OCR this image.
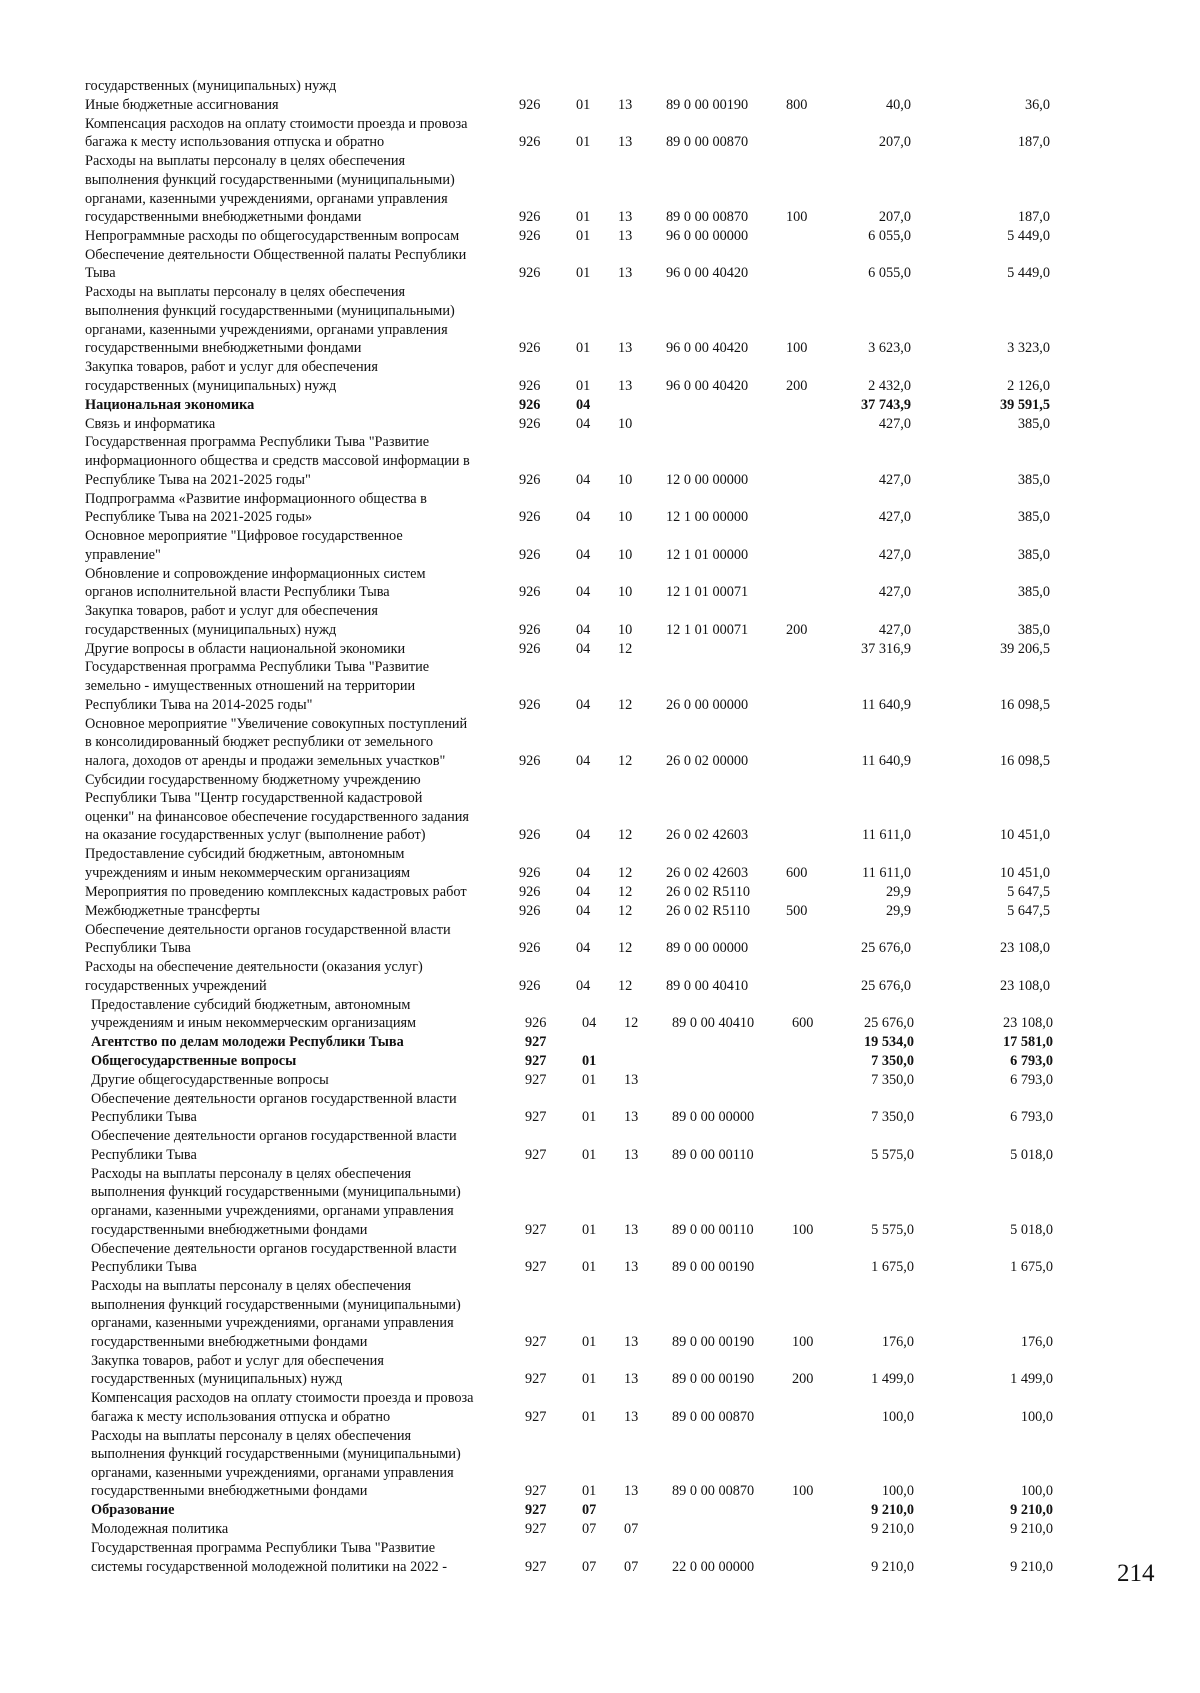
государственных (муниципальных) нужд
Иные бюджетные ассигнования	926 01 13 89 0 00 00190	800	40,0	36,0
Компенсация расходов на оплату стоимости проезда и провоза
багажа к месту использования отпуска и обратно	926 01 13 89 0 00 00870	207,0	187,0
Расходы на выплаты персоналу в целях обеспечения
выполнения функций государственными (муниципальными)
органами, казенными учреждениями, органами управления
государственными внебюджетными фондами	926 01 13 89 0 00 00870	100	207,0	187,0
Непрограммные расходы по общегосударственным вопросам	926 01 13 96 0 00 00000	6 055,0	5 449,0
Обеспечение деятельности Общественной палаты Республики
Тыва	926 01 13 96 0 00 40420	6 055,0	5 449,0
Расходы на выплаты персоналу в целях обеспечения
выполнения функций государственными (муниципальными)
органами, казенными учреждениями, органами управления
государственными внебюджетными фондами	926 01 13 96 0 00 40420	100	3 623,0	3 323,0
Закупка товаров, работ и услуг для обеспечения
государственных (муниципальных) нужд	926 01 13 96 0 00 40420	200	2 432,0	2 126,0
Национальная экономика	926 04	37 743,9	39 591,5
Связь и информатика	926 04 10	427,0	385,0
Государственная программа Республики Тыва "Развитие
информационного общества и средств массовой информации в
Республике Тыва на 2021-2025 годы"	926 04 10 12 0 00 00000	427,0	385,0
Подпрограмма «Развитие информационного общества в
Республике Тыва на 2021-2025 годы»	926 04 10 12 1 00 00000	427,0	385,0
Основное мероприятие "Цифровое государственное
управление"	926 04 10 12 1 01 00000	427,0	385,0
Обновление и сопровождение информационных систем
органов исполнительной власти Республики Тыва	926 04 10 12 1 01 00071	427,0	385,0
Закупка товаров, работ и услуг для обеспечения
государственных (муниципальных) нужд	926 04 10 12 1 01 00071	200	427,0	385,0
Другие вопросы в области национальной экономики	926 04 12	37 316,9	39 206,5
Государственная программа Республики Тыва "Развитие
земельно - имущественных отношений на территории
Республики Тыва на 2014-2025 годы"	926 04 12 26 0 00 00000	11 640,9	16 098,5
Основное мероприятие "Увеличение совокупных поступлений
в консолидированный бюджет республики от земельного
налога, доходов от аренды и продажи земельных участков"	926 04 12 26 0 02 00000	11 640,9	16 098,5
Субсидии государственному бюджетному учреждению
Республики Тыва "Центр государственной кадастровой
оценки" на финансовое обеспечение государственного задания
на оказание государственных услуг (выполнение работ)	926 04 12 26 0 02 42603	11 611,0	10 451,0
Предоставление субсидий бюджетным, автономным
учреждениям и иным некоммерческим организациям	926 04 12 26 0 02 42603	600	11 611,0	10 451,0
Мероприятия по проведению комплексных кадастровых работ	926 04 12 26 0 02 R5110	29,9	5 647,5
Межбюджетные трансферты	926 04 12 26 0 02 R5110	500	29,9	5 647,5
Обеспечение деятельности органов государственной власти
Республики Тыва	926 04 12 89 0 00 00000	25 676,0	23 108,0
Расходы на обеспечение деятельности (оказания услуг)
государственных учреждений	926 04 12 89 0 00 40410	25 676,0	23 108,0
Предоставление субсидий бюджетным, автономным
учреждениям и иным некоммерческим организациям	926 04 12 89 0 00 40410	600	25 676,0	23 108,0
Агентство по делам молодежи Республики Тыва	927	19 534,0	17 581,0
Общегосударственные вопросы	927 01	7 350,0	6 793,0
Другие общегосударственные вопросы	927 01 13	7 350,0	6 793,0
Обеспечение деятельности органов государственной власти
Республики Тыва	927 01 13 89 0 00 00000	7 350,0	6 793,0
Обеспечение деятельности органов государственной власти
Республики Тыва	927 01 13 89 0 00 00110	5 575,0	5 018,0
Расходы на выплаты персоналу в целях обеспечения
выполнения функций государственными (муниципальными)
органами, казенными учреждениями, органами управления
государственными внебюджетными фондами	927 01 13 89 0 00 00110	100	5 575,0	5 018,0
Обеспечение деятельности органов государственной власти
Республики Тыва	927 01 13 89 0 00 00190	1 675,0	1 675,0
Расходы на выплаты персоналу в целях обеспечения
выполнения функций государственными (муниципальными)
органами, казенными учреждениями, органами управления
государственными внебюджетными фондами	927 01 13 89 0 00 00190	100	176,0	176,0
Закупка товаров, работ и услуг для обеспечения
государственных (муниципальных) нужд	927 01 13 89 0 00 00190	200	1 499,0	1 499,0
Компенсация расходов на оплату стоимости проезда и провоза
багажа к месту использования отпуска и обратно	927 01 13 89 0 00 00870	100,0	100,0
Расходы на выплаты персоналу в целях обеспечения
выполнения функций государственными (муниципальными)
органами, казенными учреждениями, органами управления
государственными внебюджетными фондами	927 01 13 89 0 00 00870	100	100,0	100,0
Образование	927 07	9 210,0	9 210,0
Молодежная политика	927 07 07	9 210,0	9 210,0
Государственная программа Республики Тыва "Развитие
системы государственной молодежной политики на 2022 -	927 07 07 22 0 00 00000	9 210,0	9 210,0	214
